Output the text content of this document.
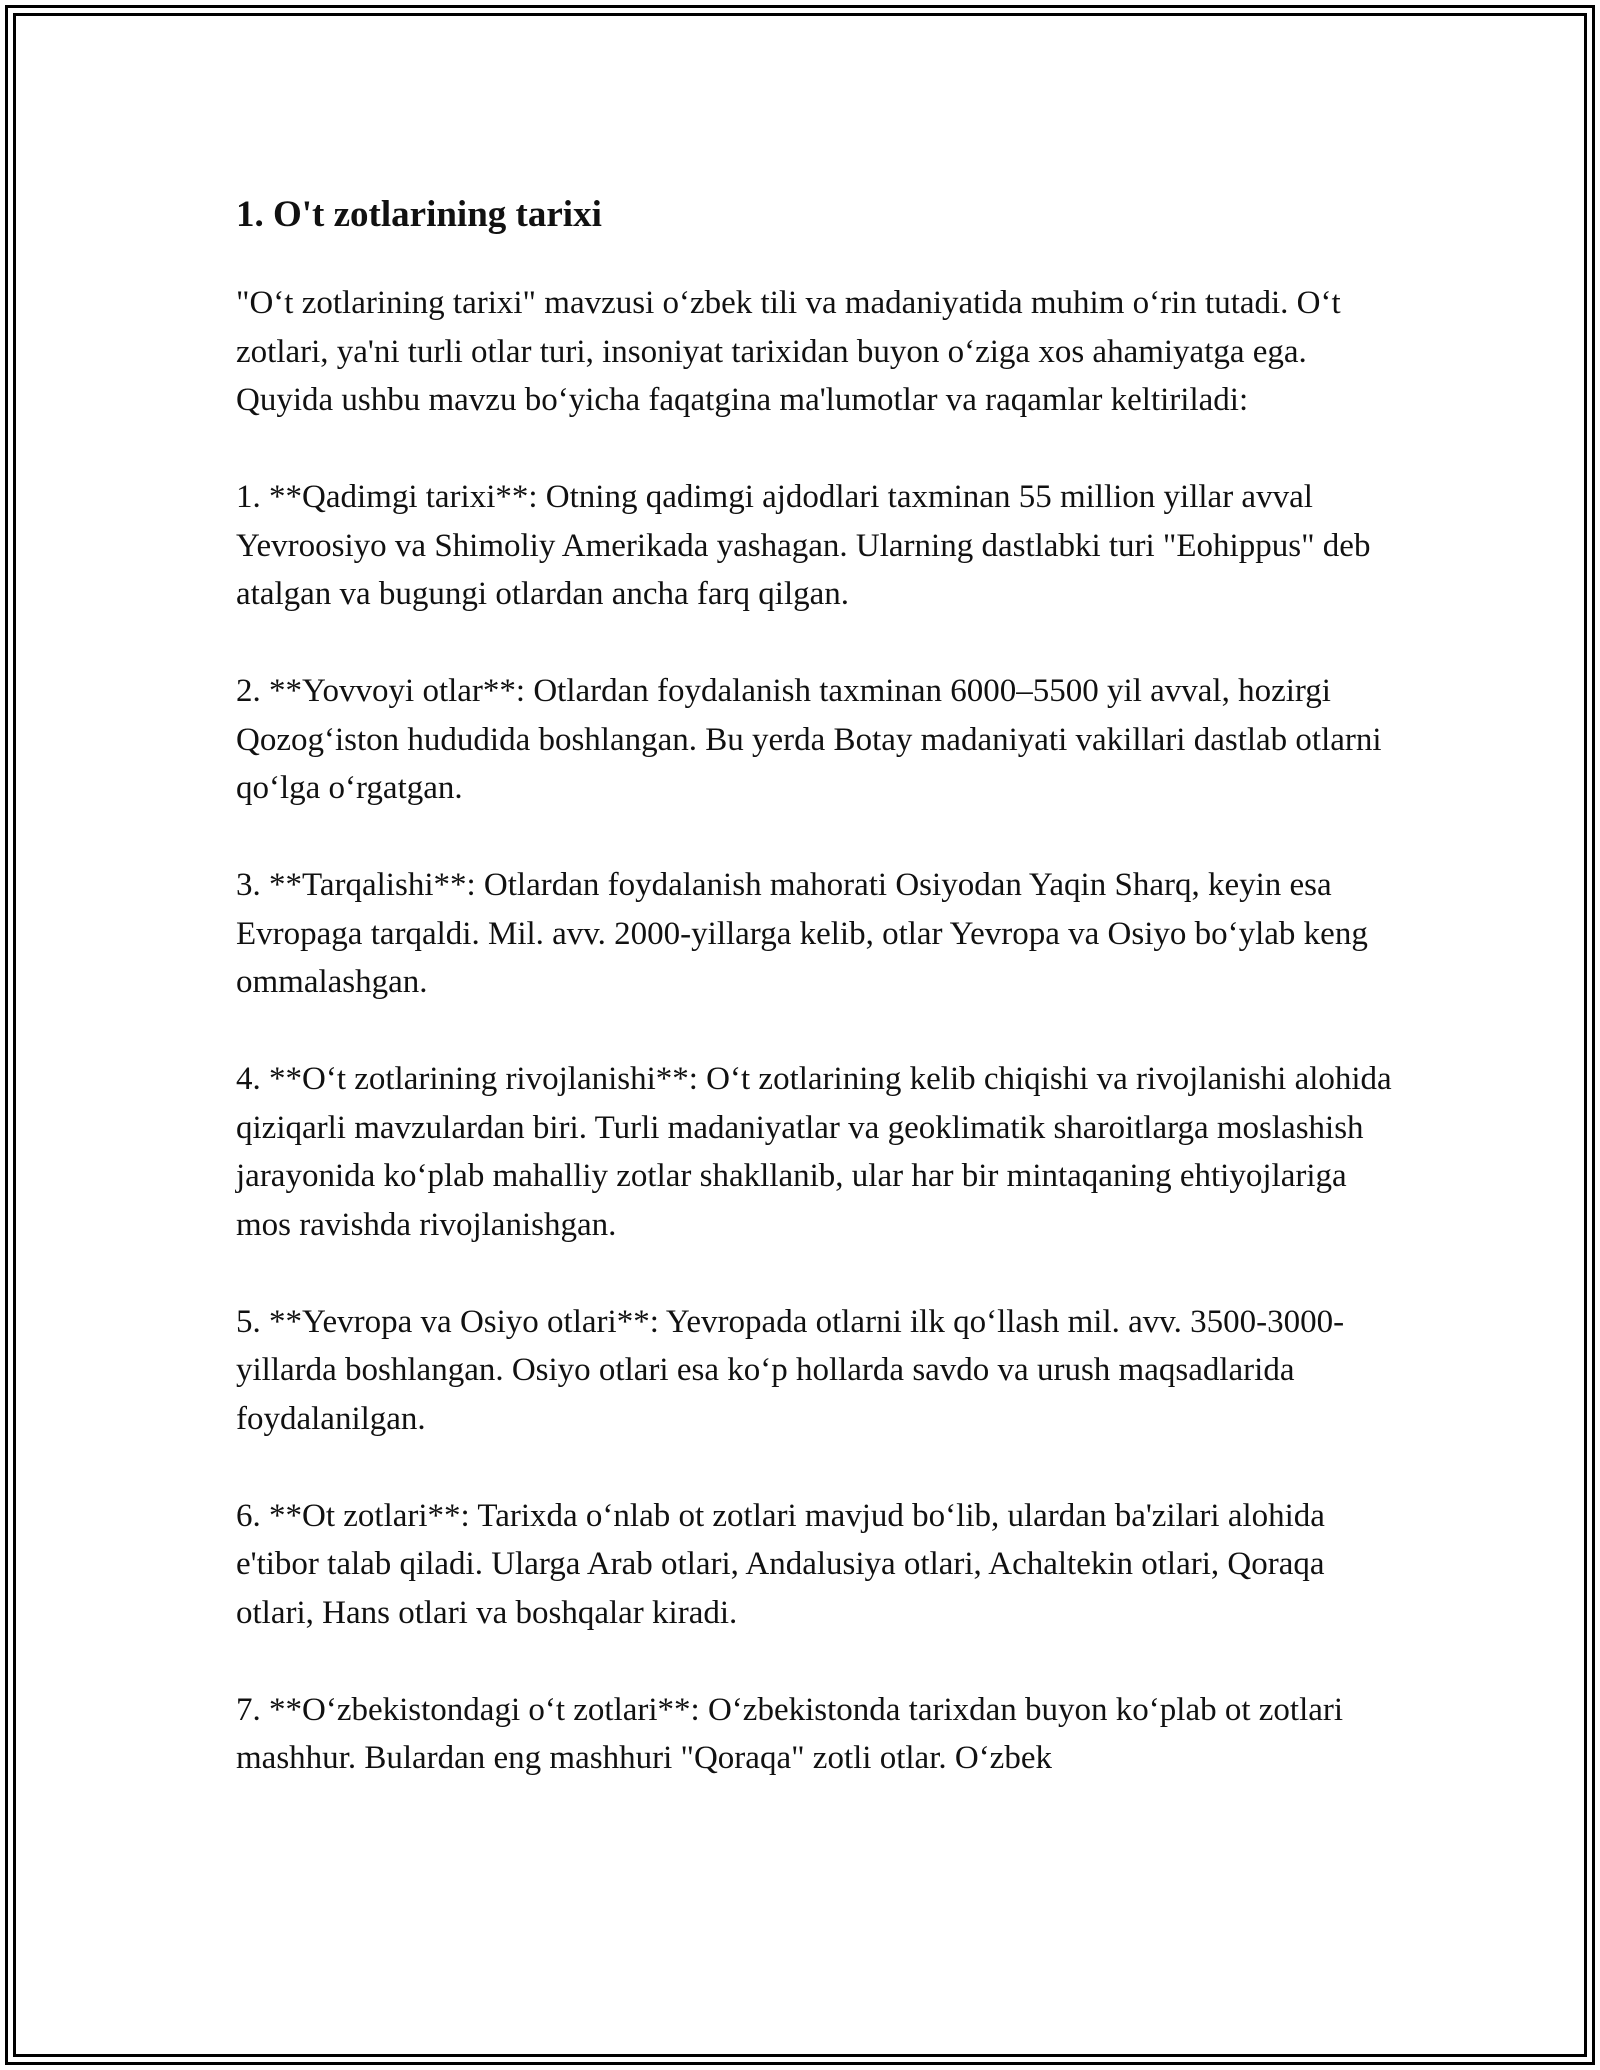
1. O't zotlarining tarixi

"O‘t zotlarining tarixi" mavzusi o‘zbek tili va madaniyatida muhim o‘rin tutadi. O‘t zotlari, ya'ni turli otlar turi, insoniyat tarixidan buyon o‘ziga xos ahamiyatga ega. Quyida ushbu mavzu bo‘yicha faqatgina ma'lumotlar va raqamlar keltiriladi:

1. **Qadimgi tarixi**: Otning qadimgi ajdodlari taxminan 55 million yillar avval Yevroosiyo va Shimoliy Amerikada yashagan. Ularning dastlabki turi "Eohippus" deb atalgan va bugungi otlardan ancha farq qilgan.

2. **Yovvoyi otlar**: Otlardan foydalanish taxminan 6000–5500 yil avval, hozirgi Qozog‘iston hududida boshlangan. Bu yerda Botay madaniyati vakillari dastlab otlarni qo‘lga o‘rgatgan.

3. **Tarqalishi**: Otlardan foydalanish mahorati Osiyodan Yaqin Sharq, keyin esa Evropaga tarqaldi. Mil. avv. 2000-yillarga kelib, otlar Yevropa va Osiyo bo‘ylab keng ommalashgan.

4. **O‘t zotlarining rivojlanishi**: O‘t zotlarining kelib chiqishi va rivojlanishi alohida qiziqarli mavzulardan biri. Turli madaniyatlar va geoklimatik sharoitlarga moslashish jarayonida ko‘plab mahalliy zotlar shakllanib, ular har bir mintaqaning ehtiyojlariga mos ravishda rivojlanishgan.

5. **Yevropa va Osiyo otlari**: Yevropada otlarni ilk qo‘llash mil. avv. 3500-3000-yillarda boshlangan. Osiyo otlari esa ko‘p hollarda savdo va urush maqsadlarida foydalanilgan.

6. **Ot zotlari**: Tarixda o‘nlab ot zotlari mavjud bo‘lib, ulardan ba'zilari alohida e'tibor talab qiladi. Ularga Arab otlari, Andalusiya otlari, Achaltekin otlari, Qoraqa otlari, Hans otlari va boshqalar kiradi.

7. **O‘zbekistondagi o‘t zotlari**: O‘zbekistonda tarixdan buyon ko‘plab ot zotlari mashhur. Bulardan eng mashhuri "Qoraqa" zotli otlar. O‘zbek
